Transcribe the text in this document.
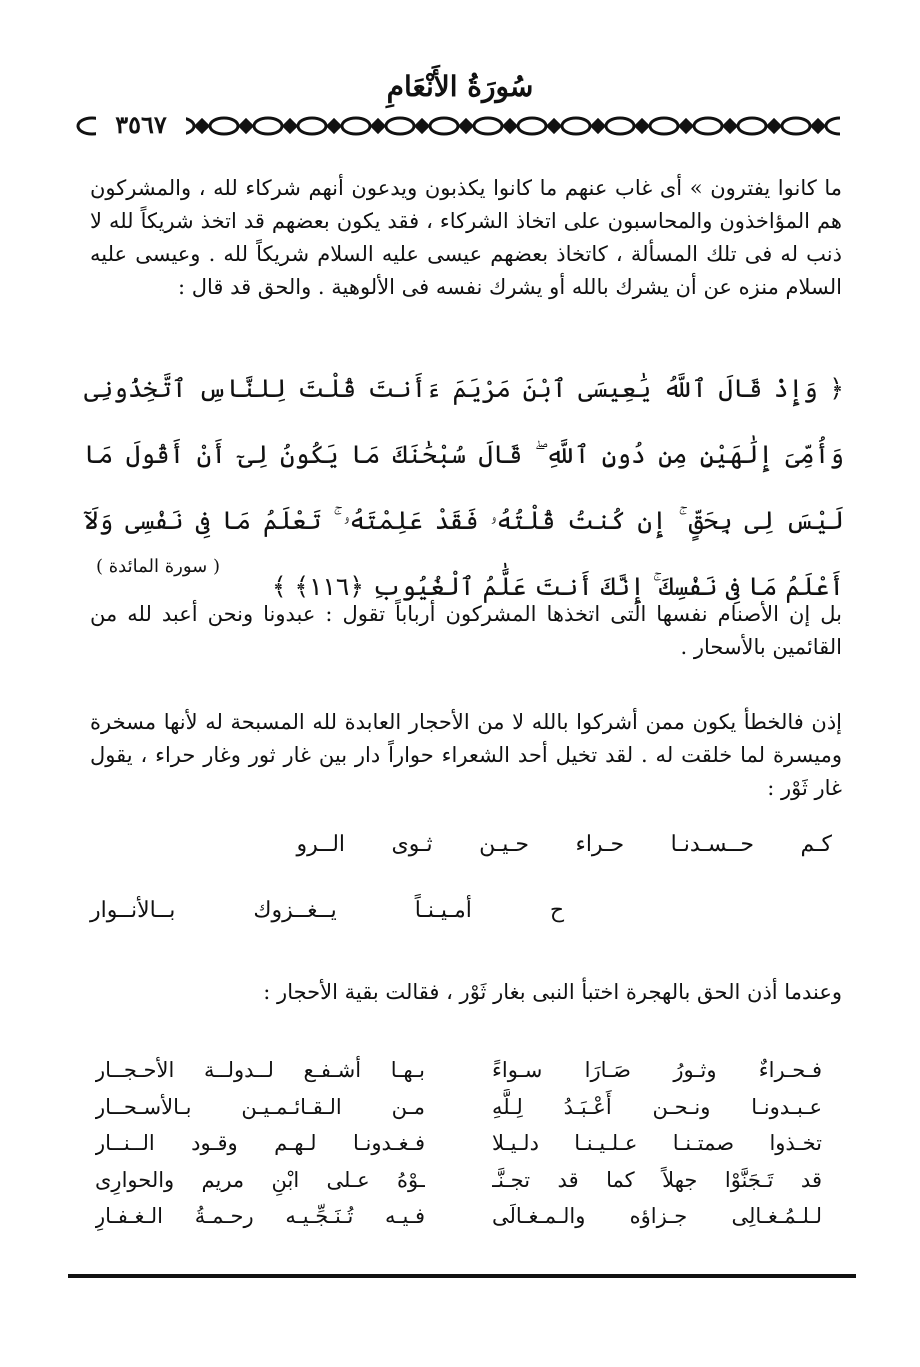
سُورَةُ الأَنْعَامِ
٣٥٦٧
ما كانوا يفترون » أى غاب عنهم ما كانوا يكذبون ويدعون أنهم شركاء لله ، والمشركون هم المؤاخذون والمحاسبون على اتخاذ الشركاء ، فقد يكون بعضهم قد اتخذ شريكاً لله لا ذنب له فى تلك المسألة ، كاتخاذ بعضهم عيسى عليه السلام شريكاً لله . وعيسى عليه السلام منزه عن أن يشرك بالله أو يشرك نفسه فى الألوهية . والحق قد قال :
﴿ وَإِذْ قَالَ ٱللَّهُ يَٰعِيسَى ٱبْنَ مَرْيَمَ ءَأَنتَ قُلْتَ لِلنَّاسِ ٱتَّخِذُونِى وَأُمِّىَ إِلَٰهَيْنِ مِن دُونِ ٱللَّهِ ۖ قَالَ سُبْحَٰنَكَ مَا يَكُونُ لِىٓ أَنْ أَقُولَ مَا لَيْسَ لِى بِحَقٍّ ۚ إِن كُنتُ قُلْتُهُۥ فَقَدْ عَلِمْتَهُۥ ۚ تَعْلَمُ مَا فِى نَفْسِى وَلَآ أَعْلَمُ مَا فِى نَفْسِكَ ۚ إِنَّكَ أَنتَ عَلَّٰمُ ٱلْغُيُوبِ ﴿١١٦﴾ ﴾
( سورة المائدة )
بل إن الأصنام نفسها التى اتخذها المشركون أرباباً تقول : عبدونا ونحن أعبد لله من القائمين بالأسحار .
إذن فالخطأ يكون ممن أشركوا بالله لا من الأحجار العابدة لله المسبحة له لأنها مسخرة وميسرة لما خلقت له . لقد تخيل أحد الشعراء حواراً دار بين غار ثور وغار حراء ، يقول غار ثَوْر :
كـم
حــسـدنـا
حـراء
حـيـن
ثـوى
الــرو
ح
أمـيـنـاً
يــغــزوك
بــالأنــوار
وعندما أذن الحق بالهجرة اختبأ النبى بغار ثَوْر ، فقالت بقية الأحجار :
فـحـراءٌ وثـورُ صَـارَا سـواءً
عـبـدونـا ونـحـن أَعْـبَـدُ لِـلَّهِ
تخـذوا صمتـنـا عـلـيـنـا دلـيـلا
قد تَـجَنَّوْا جهلاً كما قد تجـنَّـ
لـلـمُـغـالِى جـزاؤه والـمـغـالَى
بـهـا أشـفـع لــدولــة الأحـجــار
مـن الـقـائـمـيـن بـالأسـحــار
فـغـدونـا لـهـم وقـود الــنــار
ـوْهُ عـلى ابْنِ مريم والحوارِى
فـيـه تُـنَـجِّـيـه رحـمـةُ الـغـفـارِ
